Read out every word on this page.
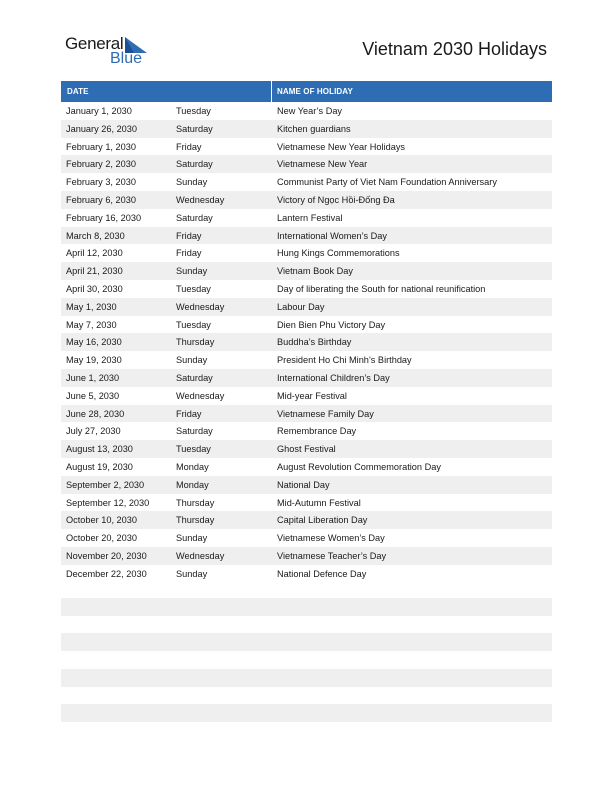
General
Blue	Vietnam 2030 Holidays
DATE	NAME OF HOLIDAY
January 1, 2030	Tuesday	New Year’s Day
January 26, 2030	Saturday	Kitchen guardians
February 1, 2030	Friday	Vietnamese New Year Holidays
February 2, 2030	Saturday	Vietnamese New Year
February 3, 2030	Sunday	Communist Party of Viet Nam Foundation Anniversary
February 6, 2030	Wednesday	Victory of Ngọc Hồi-Đống Đa
February 16, 2030	Saturday	Lantern Festival
March 8, 2030	Friday	International Women’s Day
April 12, 2030	Friday	Hung Kings Commemorations
April 21, 2030	Sunday	Vietnam Book Day
April 30, 2030	Tuesday	Day of liberating the South for national reunification
May 1, 2030	Wednesday	Labour Day
May 7, 2030	Tuesday	Dien Bien Phu Victory Day
May 16, 2030	Thursday	Buddha’s Birthday
May 19, 2030	Sunday	President Ho Chi Minh’s Birthday
June 1, 2030	Saturday	International Children’s Day
June 5, 2030	Wednesday	Mid-year Festival
June 28, 2030	Friday	Vietnamese Family Day
July 27, 2030	Saturday	Remembrance Day
August 13, 2030	Tuesday	Ghost Festival
August 19, 2030	Monday	August Revolution Commemoration Day
September 2, 2030	Monday	National Day
September 12, 2030	Thursday	Mid-Autumn Festival
October 10, 2030	Thursday	Capital Liberation Day
October 20, 2030	Sunday	Vietnamese Women’s Day
November 20, 2030	Wednesday	Vietnamese Teacher’s Day
December 22, 2030	Sunday	National Defence Day
